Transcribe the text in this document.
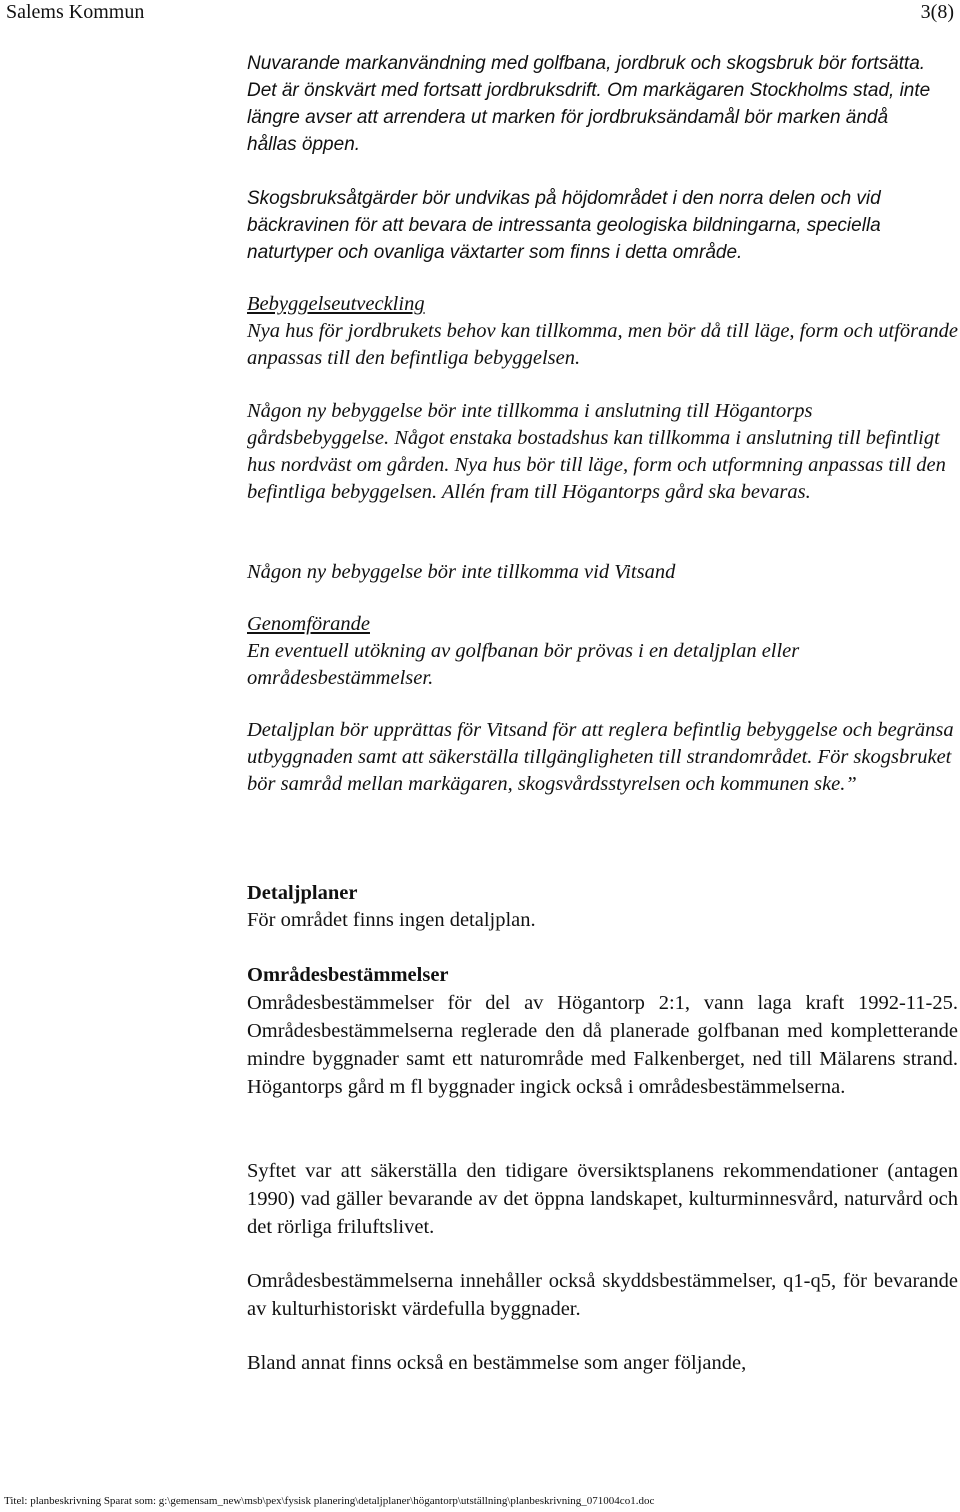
Salems Kommun	3(8)

Nuvarande markanvändning med golfbana, jordbruk och skogsbruk bör fortsätta. Det är önskvärt med fortsatt jordbruksdrift. Om markägaren Stockholms stad, inte längre avser att arrendera ut marken för jordbruksändamål bör marken ändå hållas öppen.

Skogsbruksåtgärder bör undvikas på höjdområdet i den norra delen och vid bäckravinen för att bevara de intressanta geologiska bildningarna, speciella naturtyper och ovanliga växtarter som finns i detta område.

Bebyggelseutveckling

Nya hus för jordbrukets behov kan tillkomma, men bör då till läge, form och utförande anpassas till den befintliga bebyggelsen.

Någon ny bebyggelse bör inte tillkomma i anslutning till Högantorps gårdsbebyggelse. Något enstaka bostadshus kan tillkomma i anslutning till befintligt hus nordväst om gården. Nya hus bör till läge, form och utformning anpassas till den befintliga bebyggelsen. Allén fram till Högantorps gård ska bevaras.

Någon ny bebyggelse bör inte tillkomma vid Vitsand

Genomförande

En eventuell utökning av golfbanan bör prövas i en detaljplan eller områdesbestämmelser.

Detaljplan bör upprättas för Vitsand för att reglera befintlig bebyggelse och begränsa utbyggnaden samt att säkerställa tillgängligheten till strandområdet. För skogsbruket bör samråd mellan markägaren, skogsvårdsstyrelsen och kommunen ske.”

Detaljplaner

För området finns ingen detaljplan.

Områdesbestämmelser

Områdesbestämmelser för del av Högantorp 2:1, vann laga kraft 1992-11-25. Områdesbestämmelserna reglerade den då planerade golfbanan med kompletterande mindre byggnader samt ett naturområde med Falkenberget, ned till Mälarens strand. Högantorps gård m fl byggnader ingick också i områdesbestämmelserna.

Syftet var att säkerställa den tidigare översiktsplanens rekommendationer (antagen 1990) vad gäller bevarande av det öppna landskapet, kulturminnesvård, naturvård och det rörliga friluftslivet.

Områdesbestämmelserna innehåller också skyddsbestämmelser, q1-q5, för bevarande av kulturhistoriskt värdefulla byggnader.

Bland annat finns också en bestämmelse som anger följande,

Titel: planbeskrivning Sparat som: g:\gemensam_new\msb\pex\fysisk planering\detaljplaner\högantorp\utställning\planbeskrivning_071004co1.doc
